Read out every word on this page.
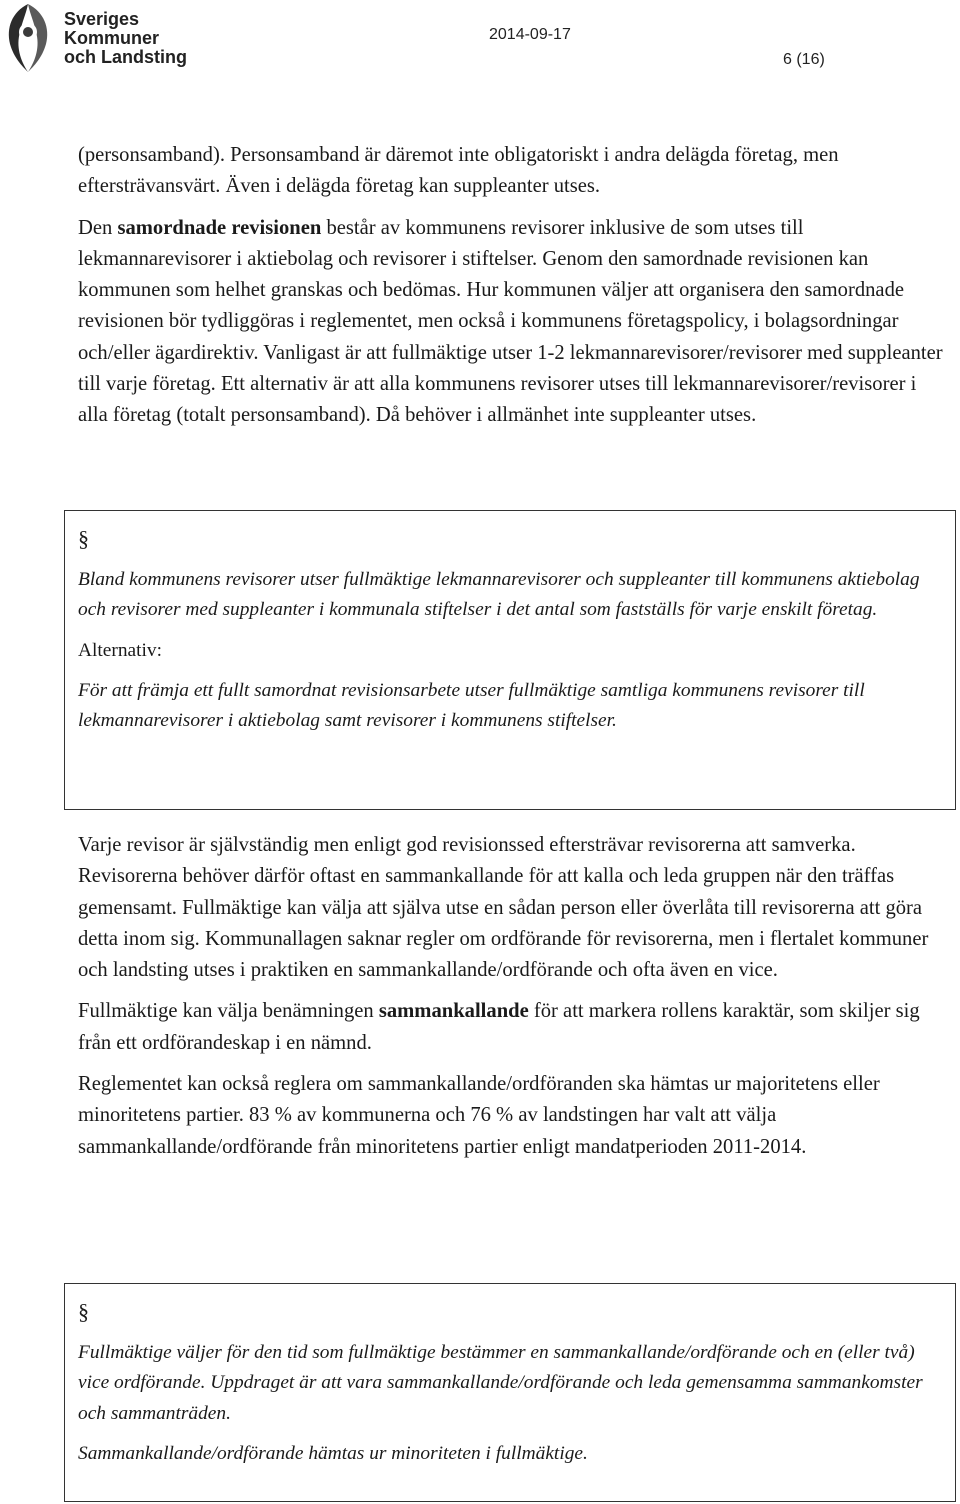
Sveriges
Kommuner
och Landsting
2014-09-17
6 (16)

(personsamband). Personsamband är däremot inte obligatoriskt i andra delägda företag, men eftersträvansvärt. Även i delägda företag kan suppleanter utses.

Den samordnade revisionen består av kommunens revisorer inklusive de som utses till lekmannarevisorer i aktiebolag och revisorer i stiftelser. Genom den samordnade revisionen kan kommunen som helhet granskas och bedömas. Hur kommunen väljer att organisera den samordnade revisionen bör tydliggöras i reglementet, men också i kommunens företagspolicy, i bolagsordningar och/eller ägardirektiv. Vanligast är att fullmäktige utser 1-2 lekmannarevisorer/revisorer med suppleanter till varje företag. Ett alternativ är att alla kommunens revisorer utses till lekmannarevisorer/revisorer i alla företag (totalt personsamband). Då behöver i allmänhet inte suppleanter utses.

§

Bland kommunens revisorer utser fullmäktige lekmannarevisorer och suppleanter till kommunens aktiebolag och revisorer med suppleanter i kommunala stiftelser i det antal som fastställs för varje enskilt företag.

Alternativ:

För att främja ett fullt samordnat revisionsarbete utser fullmäktige samtliga kommunens revisorer till lekmannarevisorer i aktiebolag samt revisorer i kommunens stiftelser.

Varje revisor är självständig men enligt god revisionssed eftersträvar revisorerna att samverka. Revisorerna behöver därför oftast en sammankallande för att kalla och leda gruppen när den träffas gemensamt. Fullmäktige kan välja att själva utse en sådan person eller överlåta till revisorerna att göra detta inom sig. Kommunallagen saknar regler om ordförande för revisorerna, men i flertalet kommuner och landsting utses i praktiken en sammankallande/ordförande och ofta även en vice.

Fullmäktige kan välja benämningen sammankallande för att markera rollens karaktär, som skiljer sig från ett ordförandeskap i en nämnd.

Reglementet kan också reglera om sammankallande/ordföranden ska hämtas ur majoritetens eller minoritetens partier. 83 % av kommunerna och 76 % av landstingen har valt att välja sammankallande/ordförande från minoritetens partier enligt mandatperioden 2011-2014.

§

Fullmäktige väljer för den tid som fullmäktige bestämmer en sammankallande/ordförande och en (eller två) vice ordförande. Uppdraget är att vara sammankallande/ordförande och leda gemensamma sammankomster och sammanträden.

Sammankallande/ordförande hämtas ur minoriteten i fullmäktige.
